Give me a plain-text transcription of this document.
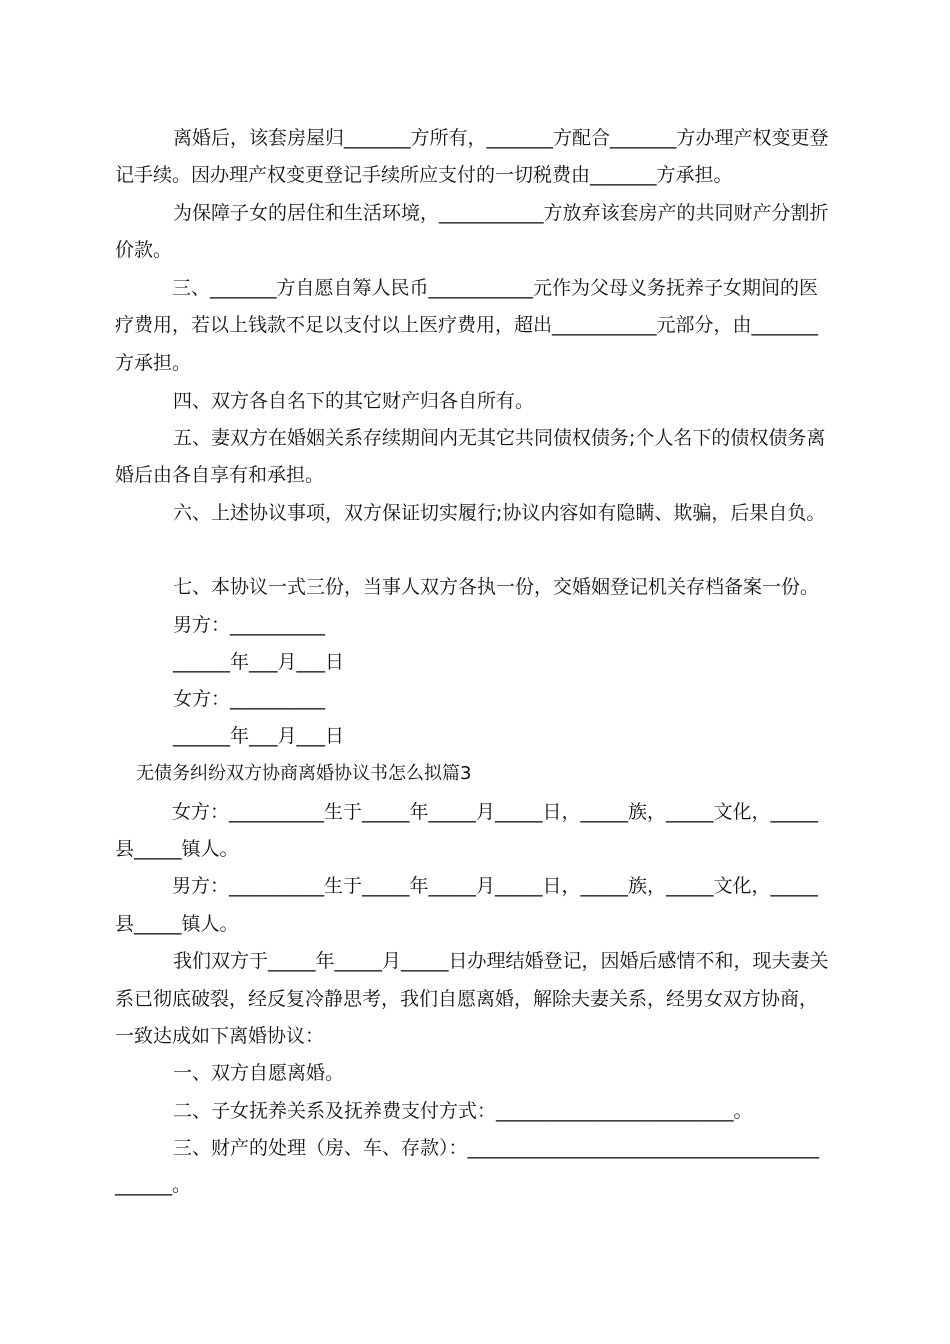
离婚后，该套房屋归_______方所有，_______方配合_______方办理产权变更登
记手续。因办理产权变更登记手续所应支付的一切税费由_______方承担。
为保障子女的居住和生活环境，___________方放弃该套房产的共同财产分割折
价款。
三、_______方自愿自筹人民币___________元作为父母义务抚养子女期间的医
疗费用，若以上钱款不足以支付以上医疗费用，超出___________元部分，由_______
方承担。
四、双方各自名下的其它财产归各自所有。
五、妻双方在婚姻关系存续期间内无其它共同债权债务;个人名下的债权债务离
婚后由各自享有和承担。
六、上述协议事项，双方保证切实履行;协议内容如有隐瞒、欺骗，后果自负。
七、本协议一式三份，当事人双方各执一份，交婚姻登记机关存档备案一份。
男方：__________
______年___月___日
女方：__________
______年___月___日
无债务纠纷双方协商离婚协议书怎么拟篇3
女方：__________生于_____年_____月_____日，_____族，_____文化，_____
县_____镇人。
男方：__________生于_____年_____月_____日，_____族，_____文化，_____
县_____镇人。
我们双方于_____年_____月_____日办理结婚登记，因婚后感情不和，现夫妻关
系已彻底破裂，经反复冷静思考，我们自愿离婚，解除夫妻关系，经男女双方协商，
一致达成如下离婚协议：
一、双方自愿离婚。
二、子女抚养关系及抚养费支付方式：_________________________。
三、财产的处理（房、车、存款）：_____________________________________
______。
